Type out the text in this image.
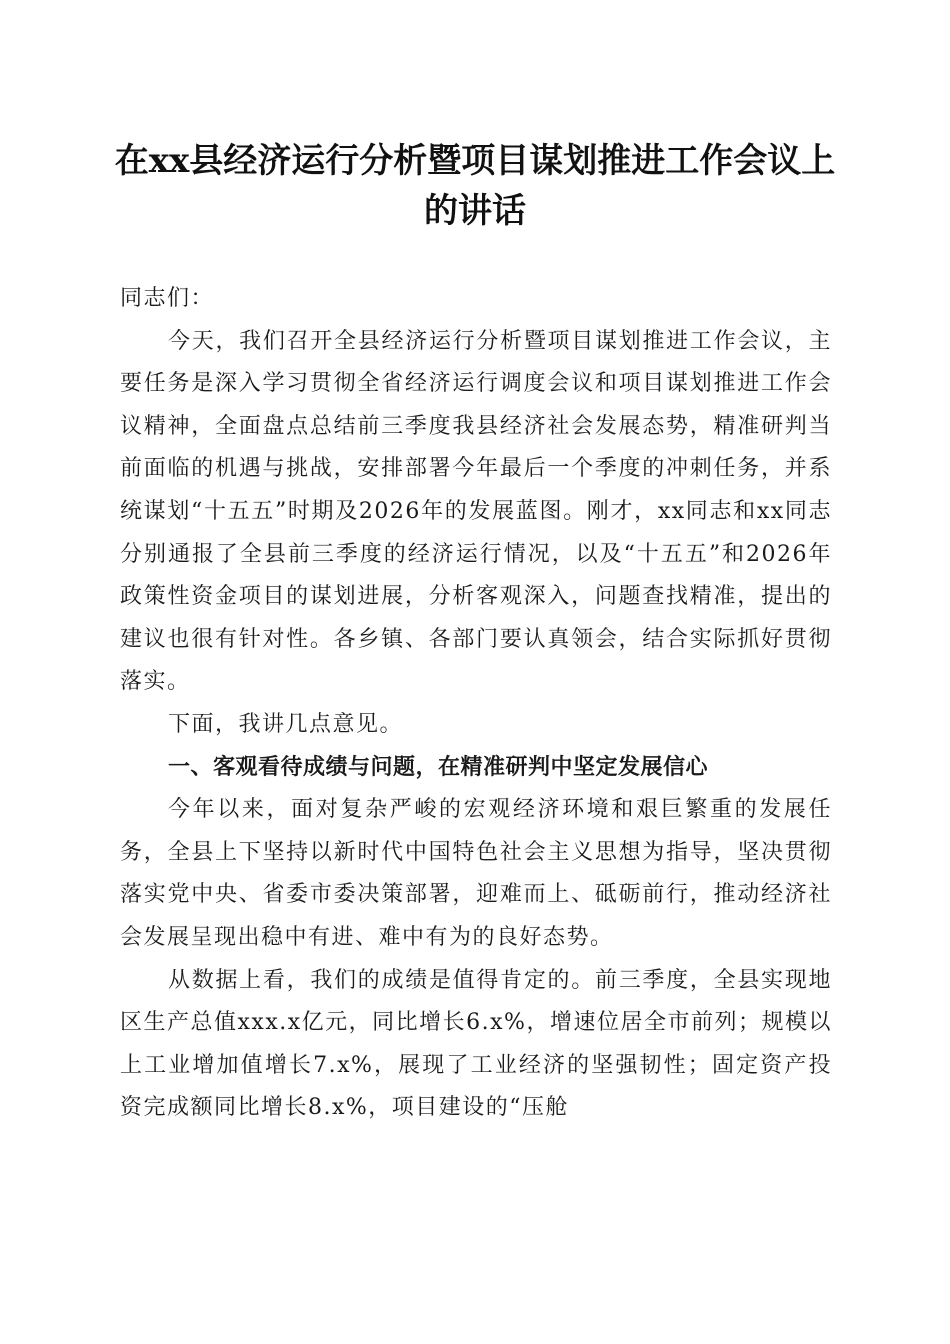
在xx县经济运行分析暨项目谋划推进工作会议上的讲话

同志们：

今天，我们召开全县经济运行分析暨项目谋划推进工作会议，主要任务是深入学习贯彻全省经济运行调度会议和项目谋划推进工作会议精神，全面盘点总结前三季度我县经济社会发展态势，精准研判当前面临的机遇与挑战，安排部署今年最后一个季度的冲刺任务，并系统谋划“十五五”时期及2026年的发展蓝图。刚才，xx同志和xx同志分别通报了全县前三季度的经济运行情况，以及“十五五”和2026年政策性资金项目的谋划进展，分析客观深入，问题查找精准，提出的建议也很有针对性。各乡镇、各部门要认真领会，结合实际抓好贯彻落实。

下面，我讲几点意见。

一、客观看待成绩与问题，在精准研判中坚定发展信心

今年以来，面对复杂严峻的宏观经济环境和艰巨繁重的发展任务，全县上下坚持以新时代中国特色社会主义思想为指导，坚决贯彻落实党中央、省委市委决策部署，迎难而上、砥砺前行，推动经济社会发展呈现出稳中有进、难中有为的良好态势。

从数据上看，我们的成绩是值得肯定的。前三季度，全县实现地区生产总值xxx.x亿元，同比增长6.x%，增速位居全市前列；规模以上工业增加值增长7.x%，展现了工业经济的坚强韧性；固定资产投资完成额同比增长8.x%，项目建设的“压舱
